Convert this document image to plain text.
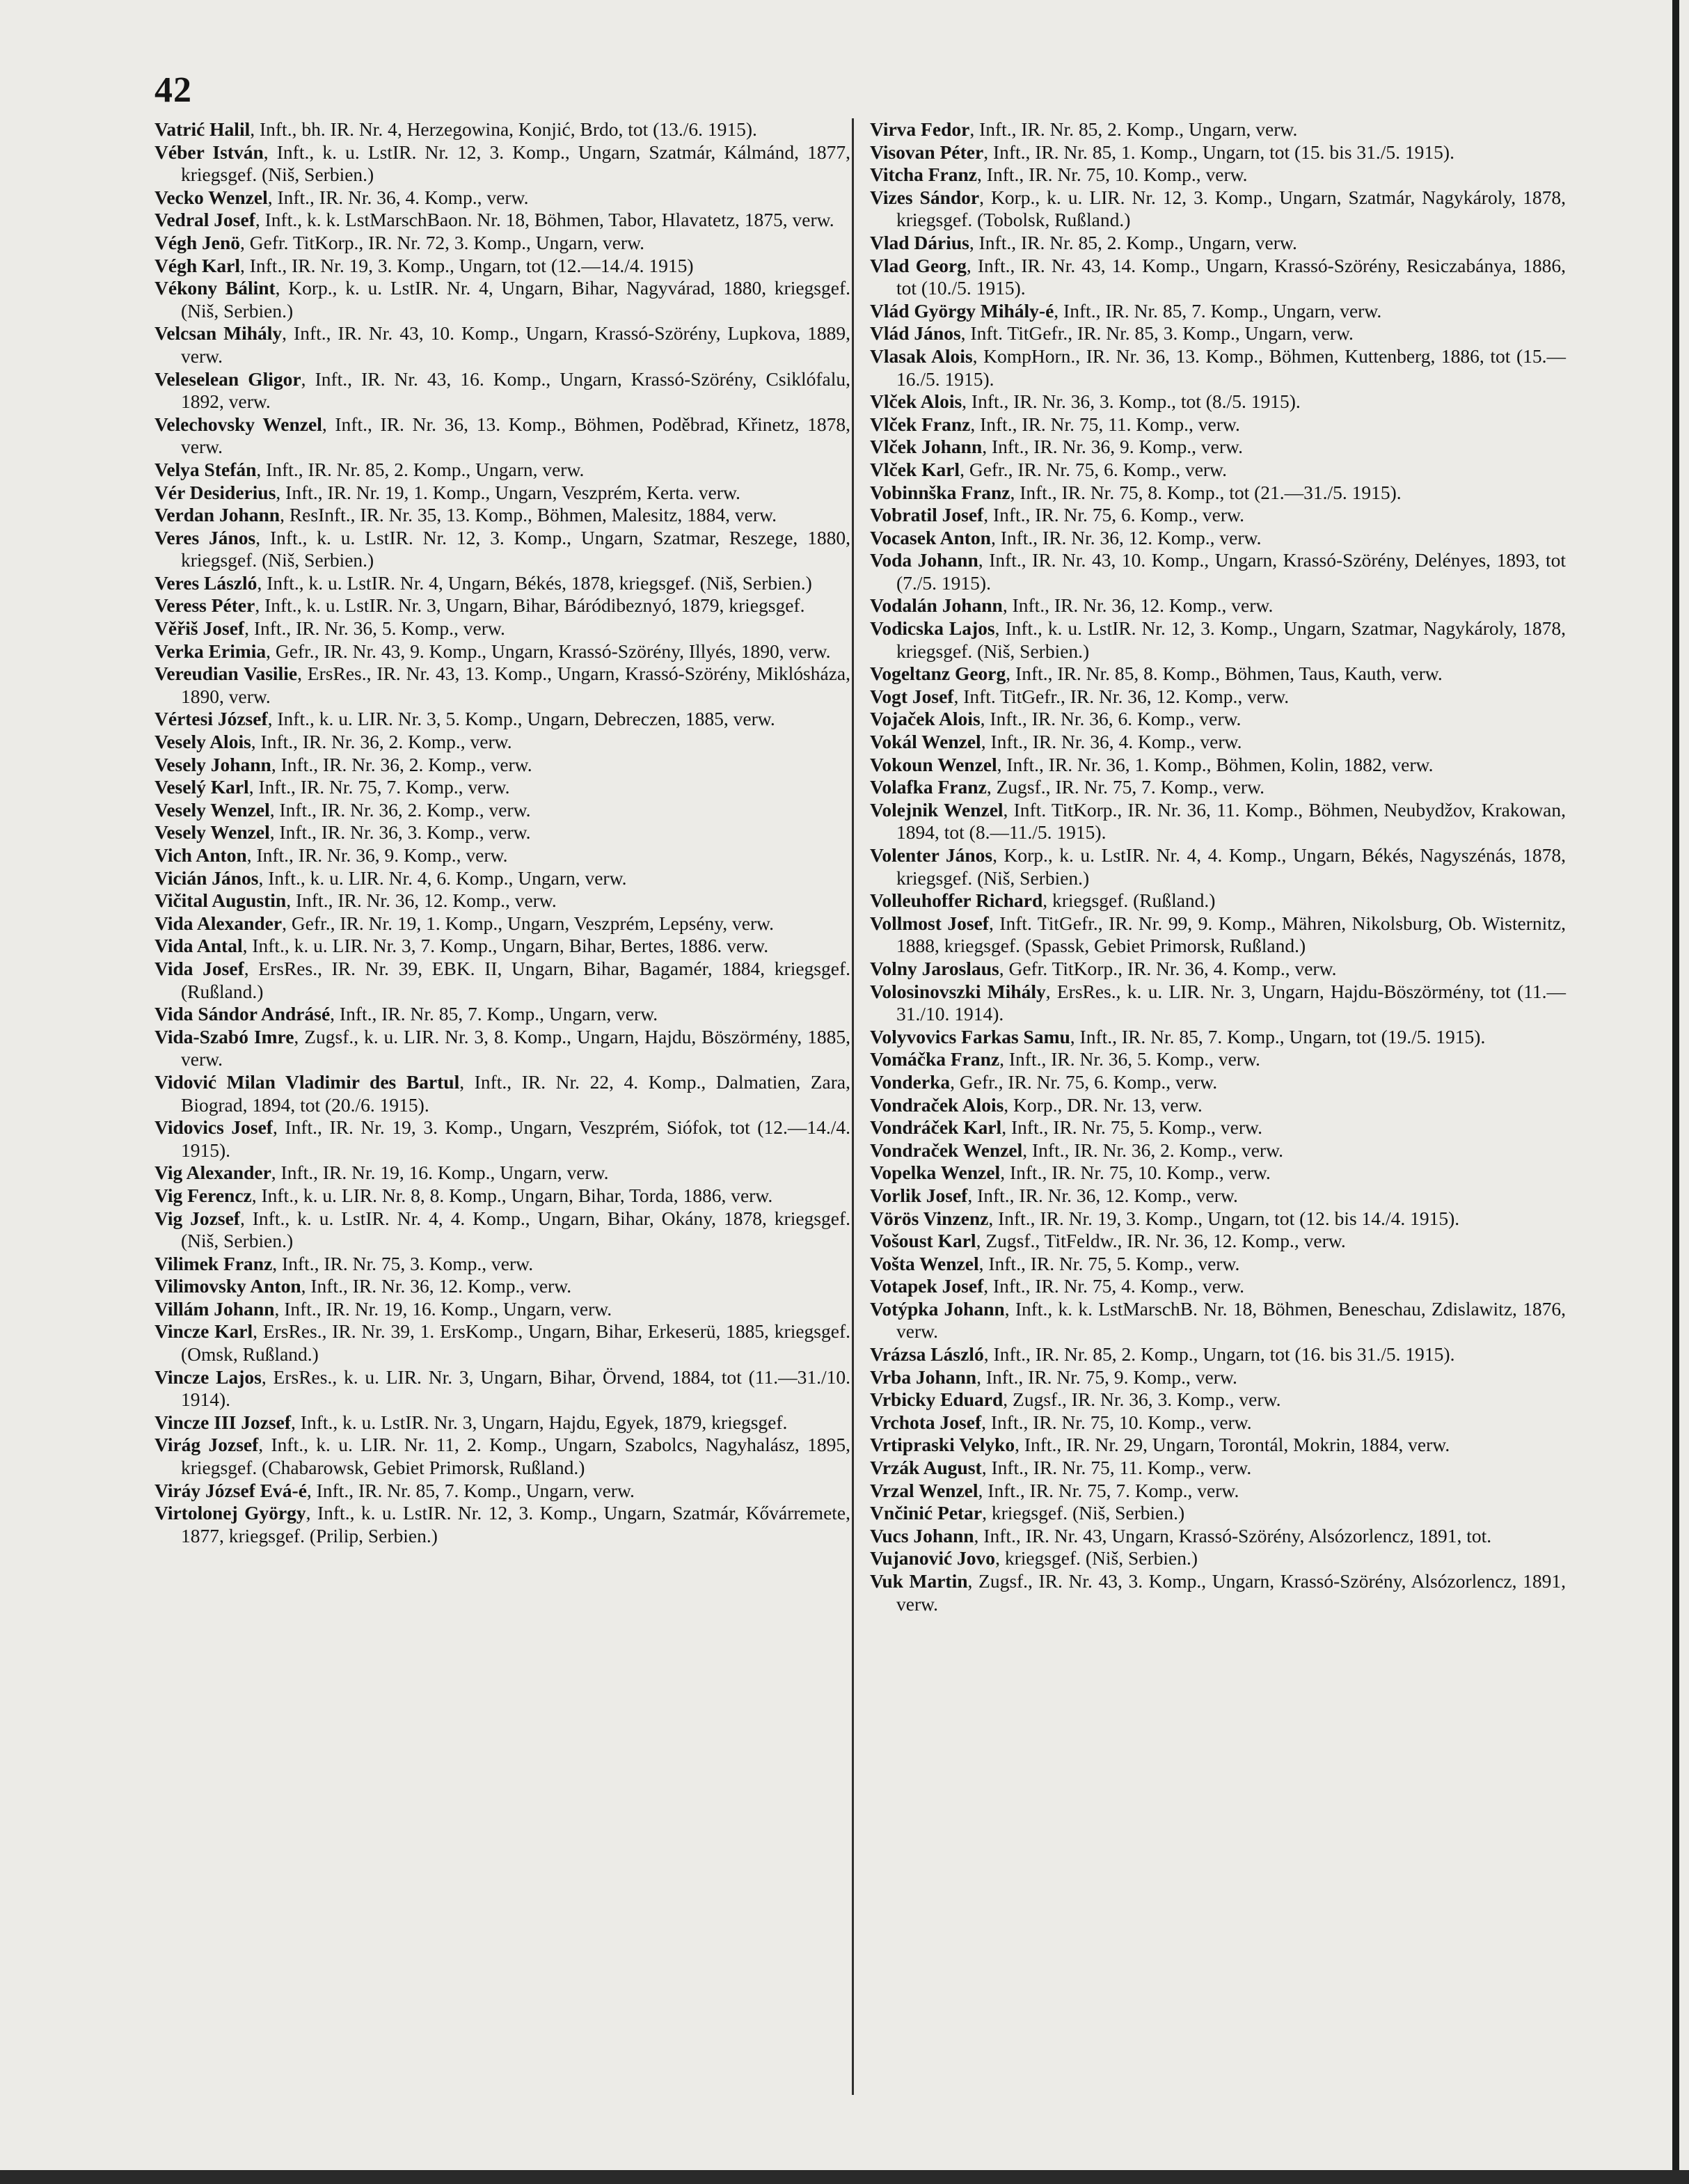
42
Vatrić Halil, Inft., bh. IR. Nr. 4, Herzegowina, Konjić, Brdo, tot (13./6. 1915).
Véber István, Inft., k. u. LstIR. Nr. 12, 3. Komp., Ungarn, Szatmár, Kálmánd, 1877, kriegsgef. (Niš, Serbien.)
Vecko Wenzel, Inft., IR. Nr. 36, 4. Komp., verw.
Vedral Josef, Inft., k. k. LstMarschBaon. Nr. 18, Böhmen, Tabor, Hlavatetz, 1875, verw.
Végh Jenö, Gefr. TitKorp., IR. Nr. 72, 3. Komp., Ungarn, verw.
Végh Karl, Inft., IR. Nr. 19, 3. Komp., Ungarn, tot (12.—14./4. 1915)
Vékony Bálint, Korp., k. u. LstIR. Nr. 4, Ungarn, Bihar, Nagyvárad, 1880, kriegsgef. (Niš, Serbien.)
Velcsan Mihály, Inft., IR. Nr. 43, 10. Komp., Ungarn, Krassó-Szörény, Lupkova, 1889, verw.
Veleselean Gligor, Inft., IR. Nr. 43, 16. Komp., Ungarn, Krassó-Szörény, Csiklófalu, 1892, verw.
Velechovsky Wenzel, Inft., IR. Nr. 36, 13. Komp., Böhmen, Poděbrad, Křinetz, 1878, verw.
Velya Stefán, Inft., IR. Nr. 85, 2. Komp., Ungarn, verw.
Vér Desiderius, Inft., IR. Nr. 19, 1. Komp., Ungarn, Veszprém, Kerta. verw.
Verdan Johann, ResInft., IR. Nr. 35, 13. Komp., Böhmen, Malesitz, 1884, verw.
Veres János, Inft., k. u. LstIR. Nr. 12, 3. Komp., Ungarn, Szatmar, Reszege, 1880, kriegsgef. (Niš, Serbien.)
Veres László, Inft., k. u. LstIR. Nr. 4, Ungarn, Békés, 1878, kriegsgef. (Niš, Serbien.)
Veress Péter, Inft., k. u. LstIR. Nr. 3, Ungarn, Bihar, Báródibeznyó, 1879, kriegsgef.
Věřiš Josef, Inft., IR. Nr. 36, 5. Komp., verw.
Verka Erimia, Gefr., IR. Nr. 43, 9. Komp., Ungarn, Krassó-Szörény, Illyés, 1890, verw.
Vereudian Vasilie, ErsRes., IR. Nr. 43, 13. Komp., Ungarn, Krassó-Szörény, Miklósháza, 1890, verw.
Vértesi József, Inft., k. u. LIR. Nr. 3, 5. Komp., Ungarn, Debreczen, 1885, verw.
Vesely Alois, Inft., IR. Nr. 36, 2. Komp., verw.
Vesely Johann, Inft., IR. Nr. 36, 2. Komp., verw.
Veselý Karl, Inft., IR. Nr. 75, 7. Komp., verw.
Vesely Wenzel, Inft., IR. Nr. 36, 2. Komp., verw.
Vesely Wenzel, Inft., IR. Nr. 36, 3. Komp., verw.
Vich Anton, Inft., IR. Nr. 36, 9. Komp., verw.
Vicián János, Inft., k. u. LIR. Nr. 4, 6. Komp., Ungarn, verw.
Vičital Augustin, Inft., IR. Nr. 36, 12. Komp., verw.
Vida Alexander, Gefr., IR. Nr. 19, 1. Komp., Ungarn, Veszprém, Lepsény, verw.
Vida Antal, Inft., k. u. LIR. Nr. 3, 7. Komp., Ungarn, Bihar, Bertes, 1886. verw.
Vida Josef, ErsRes., IR. Nr. 39, EBK. II, Ungarn, Bihar, Bagamér, 1884, kriegsgef. (Rußland.)
Vida Sándor Andrásé, Inft., IR. Nr. 85, 7. Komp., Ungarn, verw.
Vida-Szabó Imre, Zugsf., k. u. LIR. Nr. 3, 8. Komp., Ungarn, Hajdu, Böszörmény, 1885, verw.
Vidović Milan Vladimir des Bartul, Inft., IR. Nr. 22, 4. Komp., Dalmatien, Zara, Biograd, 1894, tot (20./6. 1915).
Vidovics Josef, Inft., IR. Nr. 19, 3. Komp., Ungarn, Veszprém, Siófok, tot (12.—14./4. 1915).
Vig Alexander, Inft., IR. Nr. 19, 16. Komp., Ungarn, verw.
Vig Ferencz, Inft., k. u. LIR. Nr. 8, 8. Komp., Ungarn, Bihar, Torda, 1886, verw.
Vig Jozsef, Inft., k. u. LstIR. Nr. 4, 4. Komp., Ungarn, Bihar, Okány, 1878, kriegsgef. (Niš, Serbien.)
Vilimek Franz, Inft., IR. Nr. 75, 3. Komp., verw.
Vilimovsky Anton, Inft., IR. Nr. 36, 12. Komp., verw.
Villám Johann, Inft., IR. Nr. 19, 16. Komp., Ungarn, verw.
Vincze Karl, ErsRes., IR. Nr. 39, 1. ErsKomp., Ungarn, Bihar, Erkeserü, 1885, kriegsgef. (Omsk, Rußland.)
Vincze Lajos, ErsRes., k. u. LIR. Nr. 3, Ungarn, Bihar, Örvend, 1884, tot (11.—31./10. 1914).
Vincze III Jozsef, Inft., k. u. LstIR. Nr. 3, Ungarn, Hajdu, Egyek, 1879, kriegsgef.
Virág Jozsef, Inft., k. u. LIR. Nr. 11, 2. Komp., Ungarn, Szabolcs, Nagyhalász, 1895, kriegsgef. (Chabarowsk, Gebiet Primorsk, Rußland.)
Viráy József Evá-é, Inft., IR. Nr. 85, 7. Komp., Ungarn, verw.
Virtolonej György, Inft., k. u. LstIR. Nr. 12, 3. Komp., Ungarn, Szatmár, Kővárremete, 1877, kriegsgef. (Prilip, Serbien.)
Virva Fedor, Inft., IR. Nr. 85, 2. Komp., Ungarn, verw.
Visovan Péter, Inft., IR. Nr. 85, 1. Komp., Ungarn, tot (15. bis 31./5. 1915).
Vitcha Franz, Inft., IR. Nr. 75, 10. Komp., verw.
Vizes Sándor, Korp., k. u. LIR. Nr. 12, 3. Komp., Ungarn, Szatmár, Nagykároly, 1878, kriegsgef. (Tobolsk, Rußland.)
Vlad Dárius, Inft., IR. Nr. 85, 2. Komp., Ungarn, verw.
Vlad Georg, Inft., IR. Nr. 43, 14. Komp., Ungarn, Krassó-Szörény, Resiczabánya, 1886, tot (10./5. 1915).
Vlád György Mihály-é, Inft., IR. Nr. 85, 7. Komp., Ungarn, verw.
Vlád János, Inft. TitGefr., IR. Nr. 85, 3. Komp., Ungarn, verw.
Vlasak Alois, KompHorn., IR. Nr. 36, 13. Komp., Böhmen, Kuttenberg, 1886, tot (15.—16./5. 1915).
Vlček Alois, Inft., IR. Nr. 36, 3. Komp., tot (8./5. 1915).
Vlček Franz, Inft., IR. Nr. 75, 11. Komp., verw.
Vlček Johann, Inft., IR. Nr. 36, 9. Komp., verw.
Vlček Karl, Gefr., IR. Nr. 75, 6. Komp., verw.
Vobinnška Franz, Inft., IR. Nr. 75, 8. Komp., tot (21.—31./5. 1915).
Vobratil Josef, Inft., IR. Nr. 75, 6. Komp., verw.
Vocasek Anton, Inft., IR. Nr. 36, 12. Komp., verw.
Voda Johann, Inft., IR. Nr. 43, 10. Komp., Ungarn, Krassó-Szörény, Delényes, 1893, tot (7./5. 1915).
Vodalán Johann, Inft., IR. Nr. 36, 12. Komp., verw.
Vodicska Lajos, Inft., k. u. LstIR. Nr. 12, 3. Komp., Ungarn, Szatmar, Nagykároly, 1878, kriegsgef. (Niš, Serbien.)
Vogeltanz Georg, Inft., IR. Nr. 85, 8. Komp., Böhmen, Taus, Kauth, verw.
Vogt Josef, Inft. TitGefr., IR. Nr. 36, 12. Komp., verw.
Vojaček Alois, Inft., IR. Nr. 36, 6. Komp., verw.
Vokál Wenzel, Inft., IR. Nr. 36, 4. Komp., verw.
Vokoun Wenzel, Inft., IR. Nr. 36, 1. Komp., Böhmen, Kolin, 1882, verw.
Volafka Franz, Zugsf., IR. Nr. 75, 7. Komp., verw.
Volejnik Wenzel, Inft. TitKorp., IR. Nr. 36, 11. Komp., Böhmen, Neubydžov, Krakowan, 1894, tot (8.—11./5. 1915).
Volenter János, Korp., k. u. LstIR. Nr. 4, 4. Komp., Ungarn, Békés, Nagyszénás, 1878, kriegsgef. (Niš, Serbien.)
Volleuhoffer Richard, kriegsgef. (Rußland.)
Vollmost Josef, Inft. TitGefr., IR. Nr. 99, 9. Komp., Mähren, Nikolsburg, Ob. Wisternitz, 1888, kriegsgef. (Spassk, Gebiet Primorsk, Rußland.)
Volny Jaroslaus, Gefr. TitKorp., IR. Nr. 36, 4. Komp., verw.
Volosinovszki Mihály, ErsRes., k. u. LIR. Nr. 3, Ungarn, Hajdu-Böszörmény, tot (11.—31./10. 1914).
Volyvovics Farkas Samu, Inft., IR. Nr. 85, 7. Komp., Ungarn, tot (19./5. 1915).
Vomáčka Franz, Inft., IR. Nr. 36, 5. Komp., verw.
Vonderka, Gefr., IR. Nr. 75, 6. Komp., verw.
Vondraček Alois, Korp., DR. Nr. 13, verw.
Vondráček Karl, Inft., IR. Nr. 75, 5. Komp., verw.
Vondraček Wenzel, Inft., IR. Nr. 36, 2. Komp., verw.
Vopelka Wenzel, Inft., IR. Nr. 75, 10. Komp., verw.
Vorlik Josef, Inft., IR. Nr. 36, 12. Komp., verw.
Vörös Vinzenz, Inft., IR. Nr. 19, 3. Komp., Ungarn, tot (12. bis 14./4. 1915).
Vošoust Karl, Zugsf., TitFeldw., IR. Nr. 36, 12. Komp., verw.
Vošta Wenzel, Inft., IR. Nr. 75, 5. Komp., verw.
Votapek Josef, Inft., IR. Nr. 75, 4. Komp., verw.
Votýpka Johann, Inft., k. k. LstMarschB. Nr. 18, Böhmen, Beneschau, Zdislawitz, 1876, verw.
Vrázsa László, Inft., IR. Nr. 85, 2. Komp., Ungarn, tot (16. bis 31./5. 1915).
Vrba Johann, Inft., IR. Nr. 75, 9. Komp., verw.
Vrbicky Eduard, Zugsf., IR. Nr. 36, 3. Komp., verw.
Vrchota Josef, Inft., IR. Nr. 75, 10. Komp., verw.
Vrtipraski Velyko, Inft., IR. Nr. 29, Ungarn, Torontál, Mokrin, 1884, verw.
Vrzák August, Inft., IR. Nr. 75, 11. Komp., verw.
Vrzal Wenzel, Inft., IR. Nr. 75, 7. Komp., verw.
Vnčinić Petar, kriegsgef. (Niš, Serbien.)
Vucs Johann, Inft., IR. Nr. 43, Ungarn, Krassó-Szörény, Alsózorlencz, 1891, tot.
Vujanović Jovo, kriegsgef. (Niš, Serbien.)
Vuk Martin, Zugsf., IR. Nr. 43, 3. Komp., Ungarn, Krassó-Szörény, Alsózorlencz, 1891, verw.
